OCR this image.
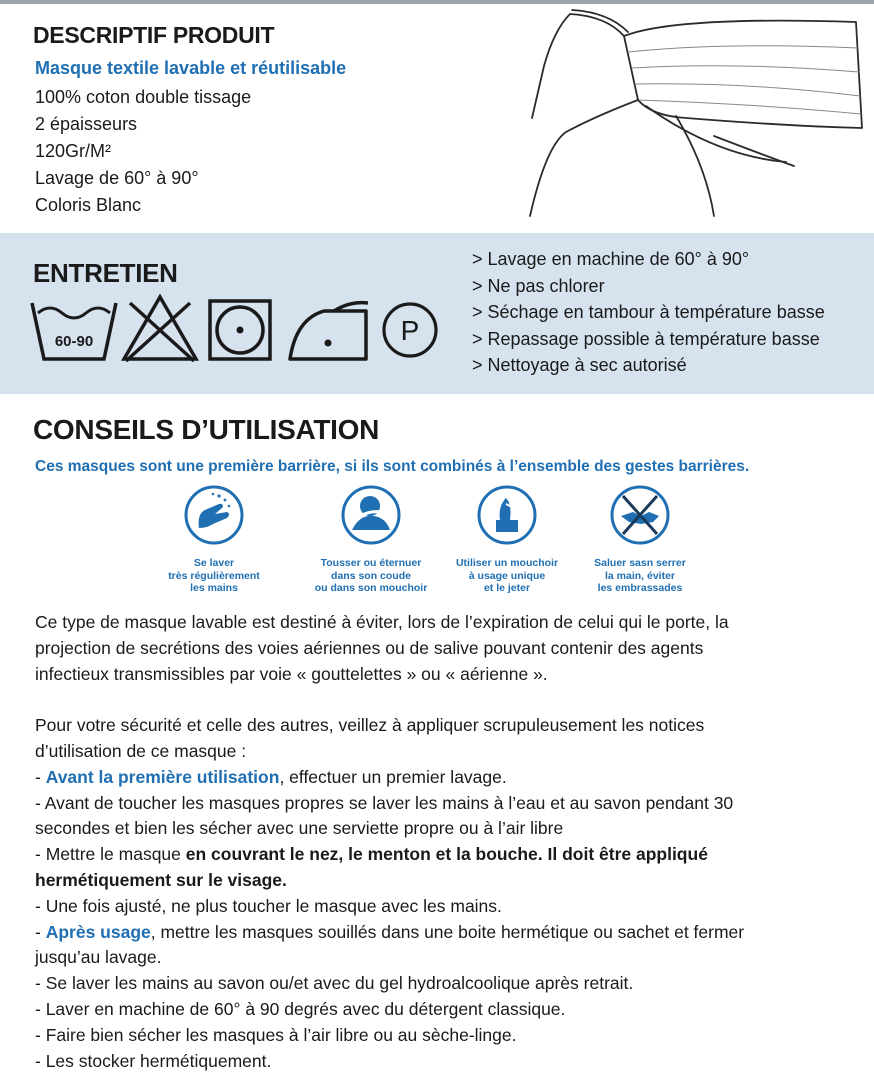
DESCRIPTIF PRODUIT
Masque textile lavable et réutilisable
100% coton double tissage
2 épaisseurs
120Gr/M²
Lavage de 60° à 90°
Coloris Blanc
ENTRETIEN
60-90	P
> Lavage en machine de 60° à 90°
> Ne pas chlorer
> Séchage en tambour à température basse
> Repassage possible à température basse
> Nettoyage à sec autorisé
CONSEILS D’UTILISATION
Ces masques sont une première barrière, si ils sont combinés à l’ensemble des gestes barrières.
Se laver
très régulièrement
les mains
Tousser ou éternuer
dans son coude
ou dans son mouchoir
Utiliser un mouchoir
à usage unique
et le jeter
Saluer sasn serrer
la main, éviter
les embrassades

Ce type de masque lavable est destiné à éviter, lors de l’expiration de celui qui le porte, la

projection de secrétions des voies aériennes ou de salive pouvant contenir des agents

infectieux transmissibles par voie « gouttelettes » ou « aérienne ».

Pour votre sécurité et celle des autres, veillez à appliquer scrupuleusement les notices

d’utilisation de ce masque :

- Avant la première utilisation, effectuer un premier lavage.

- Avant de toucher les masques propres se laver les mains à l’eau et au savon pendant 30

secondes et bien les sécher avec une serviette propre ou à l’air libre

- Mettre le masque en couvrant le nez, le menton et la bouche. Il doit être appliqué

hermétiquement sur le visage.

- Une fois ajusté, ne plus toucher le masque avec les mains.

- Après usage, mettre les masques souillés dans une boite hermétique ou sachet et fermer

jusqu’au lavage.

- Se laver les mains au savon ou/et avec du gel hydroalcoolique après retrait.

- Laver en machine de 60° à 90 degrés avec du détergent classique.

- Faire bien sécher les masques à l’air libre ou au sèche-linge.

- Les stocker hermétiquement.
